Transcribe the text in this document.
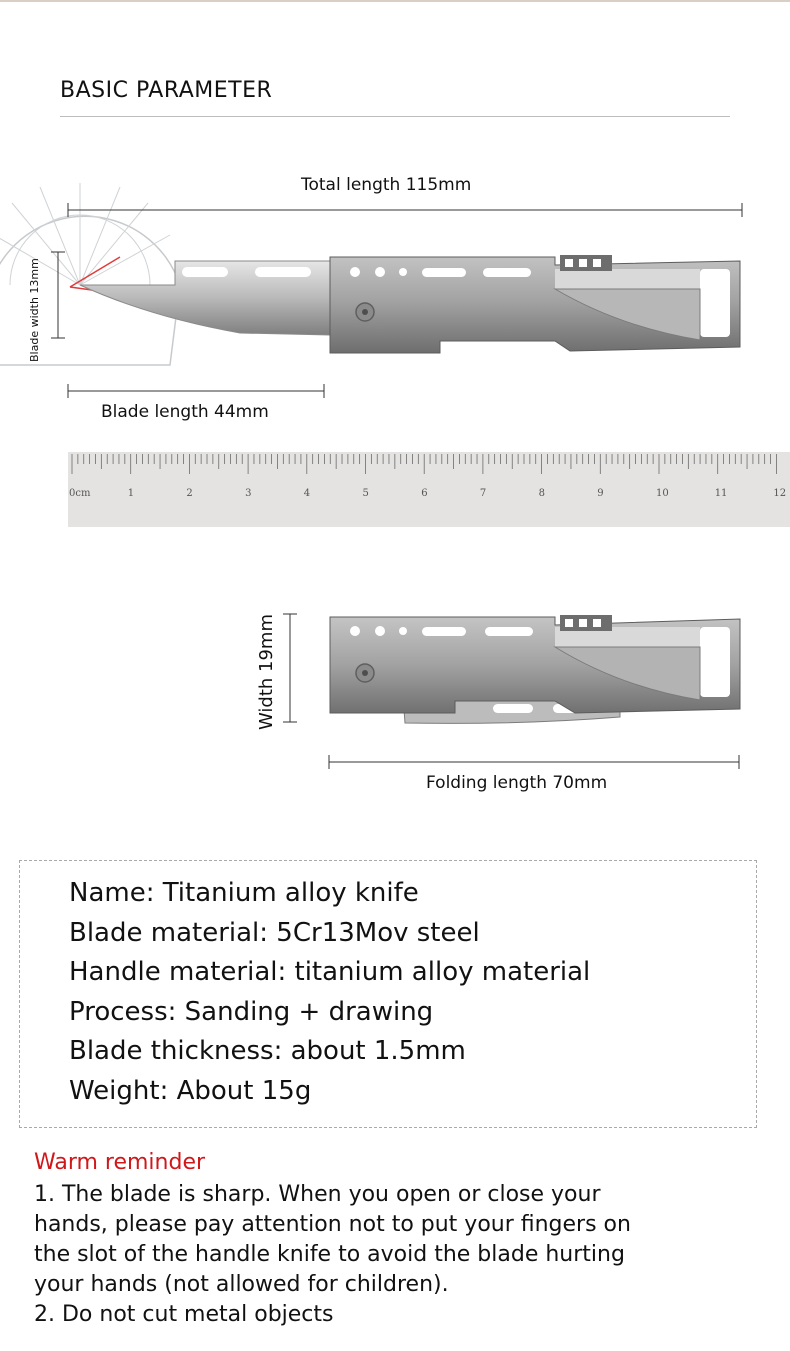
BASIC PARAMETER
Total length 115mm
Blade width 13mm
Blade length 44mm
0cm	1	2	3	4	5	6	7	8	9	10	11	12
Width 19mm
Folding length 70mm
Name: Titanium alloy knife
Blade material: 5Cr13Mov steel
Handle material: titanium alloy material
Process: Sanding + drawing
Blade thickness: about 1.5mm
Weight: About 15g
Warm reminder
1. The blade is sharp. When you open or close your
hands, please pay attention not to put your fingers on
the slot of the handle knife to avoid the blade hurting
your hands (not allowed for children).
2. Do not cut metal objects
